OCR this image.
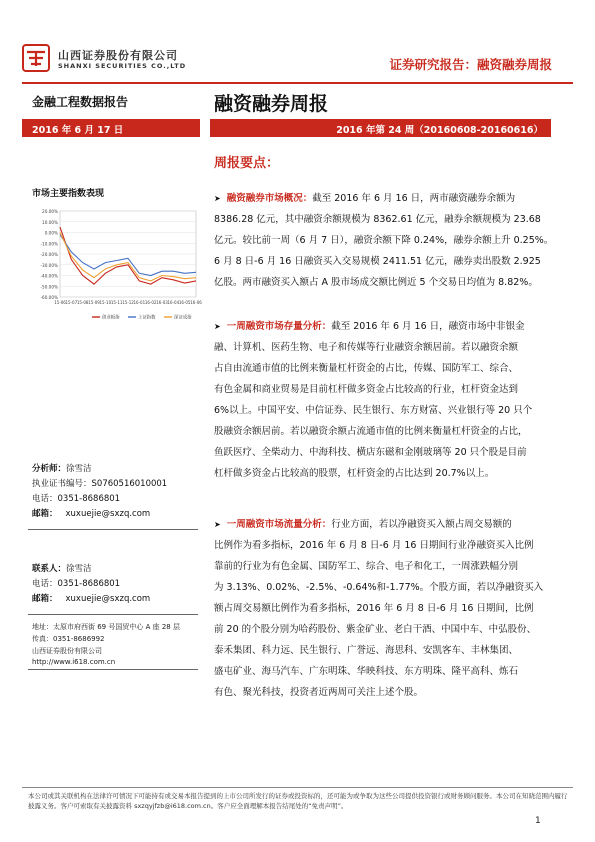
山西证券股份有限公司
SHANXI SECURITIES CO.,LTD	证券研究报告：融资融券周报
金融工程数据报告	融资融券周报
2016 年 6 月 17 日	2016 年第 24 周（20160608-20160616）
市场主要指数表现
20.00%
10.00%
0.00%
-10.00%
-20.00%
-30.00%
-40.00%
-50.00%
-60.00%
15-06 15-07 15-08 15-09 15-10 15-11 15-12 16-01 16-02 16-03 16-04 16-05 16-06
创业板指	上证指数	深证成指
分析师：徐雪洁
执业证书编号：S0760516010001
电话：0351-8686801
邮箱： xuxuejie@sxzq.com
联系人：徐雪洁
电话：0351-8686801
邮箱： xuxuejie@sxzq.com
地址：太原市府西街 69 号国贸中心 A 座 28 层
传真：0351-8686992
山西证券股份有限公司
http://www.i618.com.cn
周报要点：
➤ 融资融券市场概况：截至 2016 年 6 月 16 日，两市融资融券余额为
8386.28 亿元，其中融资余额规模为 8362.61 亿元，融券余额规模为 23.68
亿元。较比前一周（6 月 7 日），融资余额下降 0.24%，融券余额上升 0.25%。
6 月 8 日-6 月 16 日融资买入交易规模 2411.51 亿元，融券卖出股数 2.925
亿股。两市融资买入额占 A 股市场成交额比例近 5 个交易日均值为 8.82%。
➤ 一周融资市场存量分析：截至 2016 年 6 月 16 日，融资市场中非银金
融、计算机、医药生物、电子和传媒等行业融资余额居前。若以融资余额
占自由流通市值的比例来衡量杠杆资金的占比，传媒、国防军工、综合、
有色金属和商业贸易是目前杠杆做多资金占比较高的行业，杠杆资金达到
6%以上。中国平安、中信证券、民生银行、东方财富、兴业银行等 20 只个
股融资余额居前。若以融资余额占流通市值的比例来衡量杠杆资金的占比，
鱼跃医疗、全柴动力、中海科技、横店东磁和金刚玻璃等 20 只个股是目前
杠杆做多资金占比较高的股票，杠杆资金的占比达到 20.7%以上。
➤ 一周融资市场流量分析：行业方面，若以净融资买入额占周交易额的
比例作为看多指标，2016 年 6 月 8 日-6 月 16 日期间行业净融资买入比例
靠前的行业为有色金属、国防军工、综合、电子和化工，一周涨跌幅分别
为 3.13%、0.02%、-2.5%、-0.64%和-1.77%。个股方面，若以净融资买入
额占周交易额比例作为看多指标，2016 年 6 月 8 日-6 月 16 日期间，比例
前 20 的个股分别为哈药股份、紫金矿业、老白干酒、中国中车、中弘股份、
泰禾集团、科力远、民生银行、广誉远、海思科、安凯客车、丰林集团、
盛屯矿业、海马汽车、广东明珠、华映科技、东方明珠、隆平高科、炼石
有色、聚光科技，投资者近两周可关注上述个股。
本公司或其关联机构在法律许可情况下可能持有或交易本报告提到的上市公司所发行的证券或投资标的，还可能为或争取为这些公司提供投资银行或财务顾问服务。本公司在知晓范围内履行披露义务。客户可索取有关披露资料 sxzqyjfzb@i618.com.cn。客户应全面理解本报告结尾处的“免责声明”。
1
